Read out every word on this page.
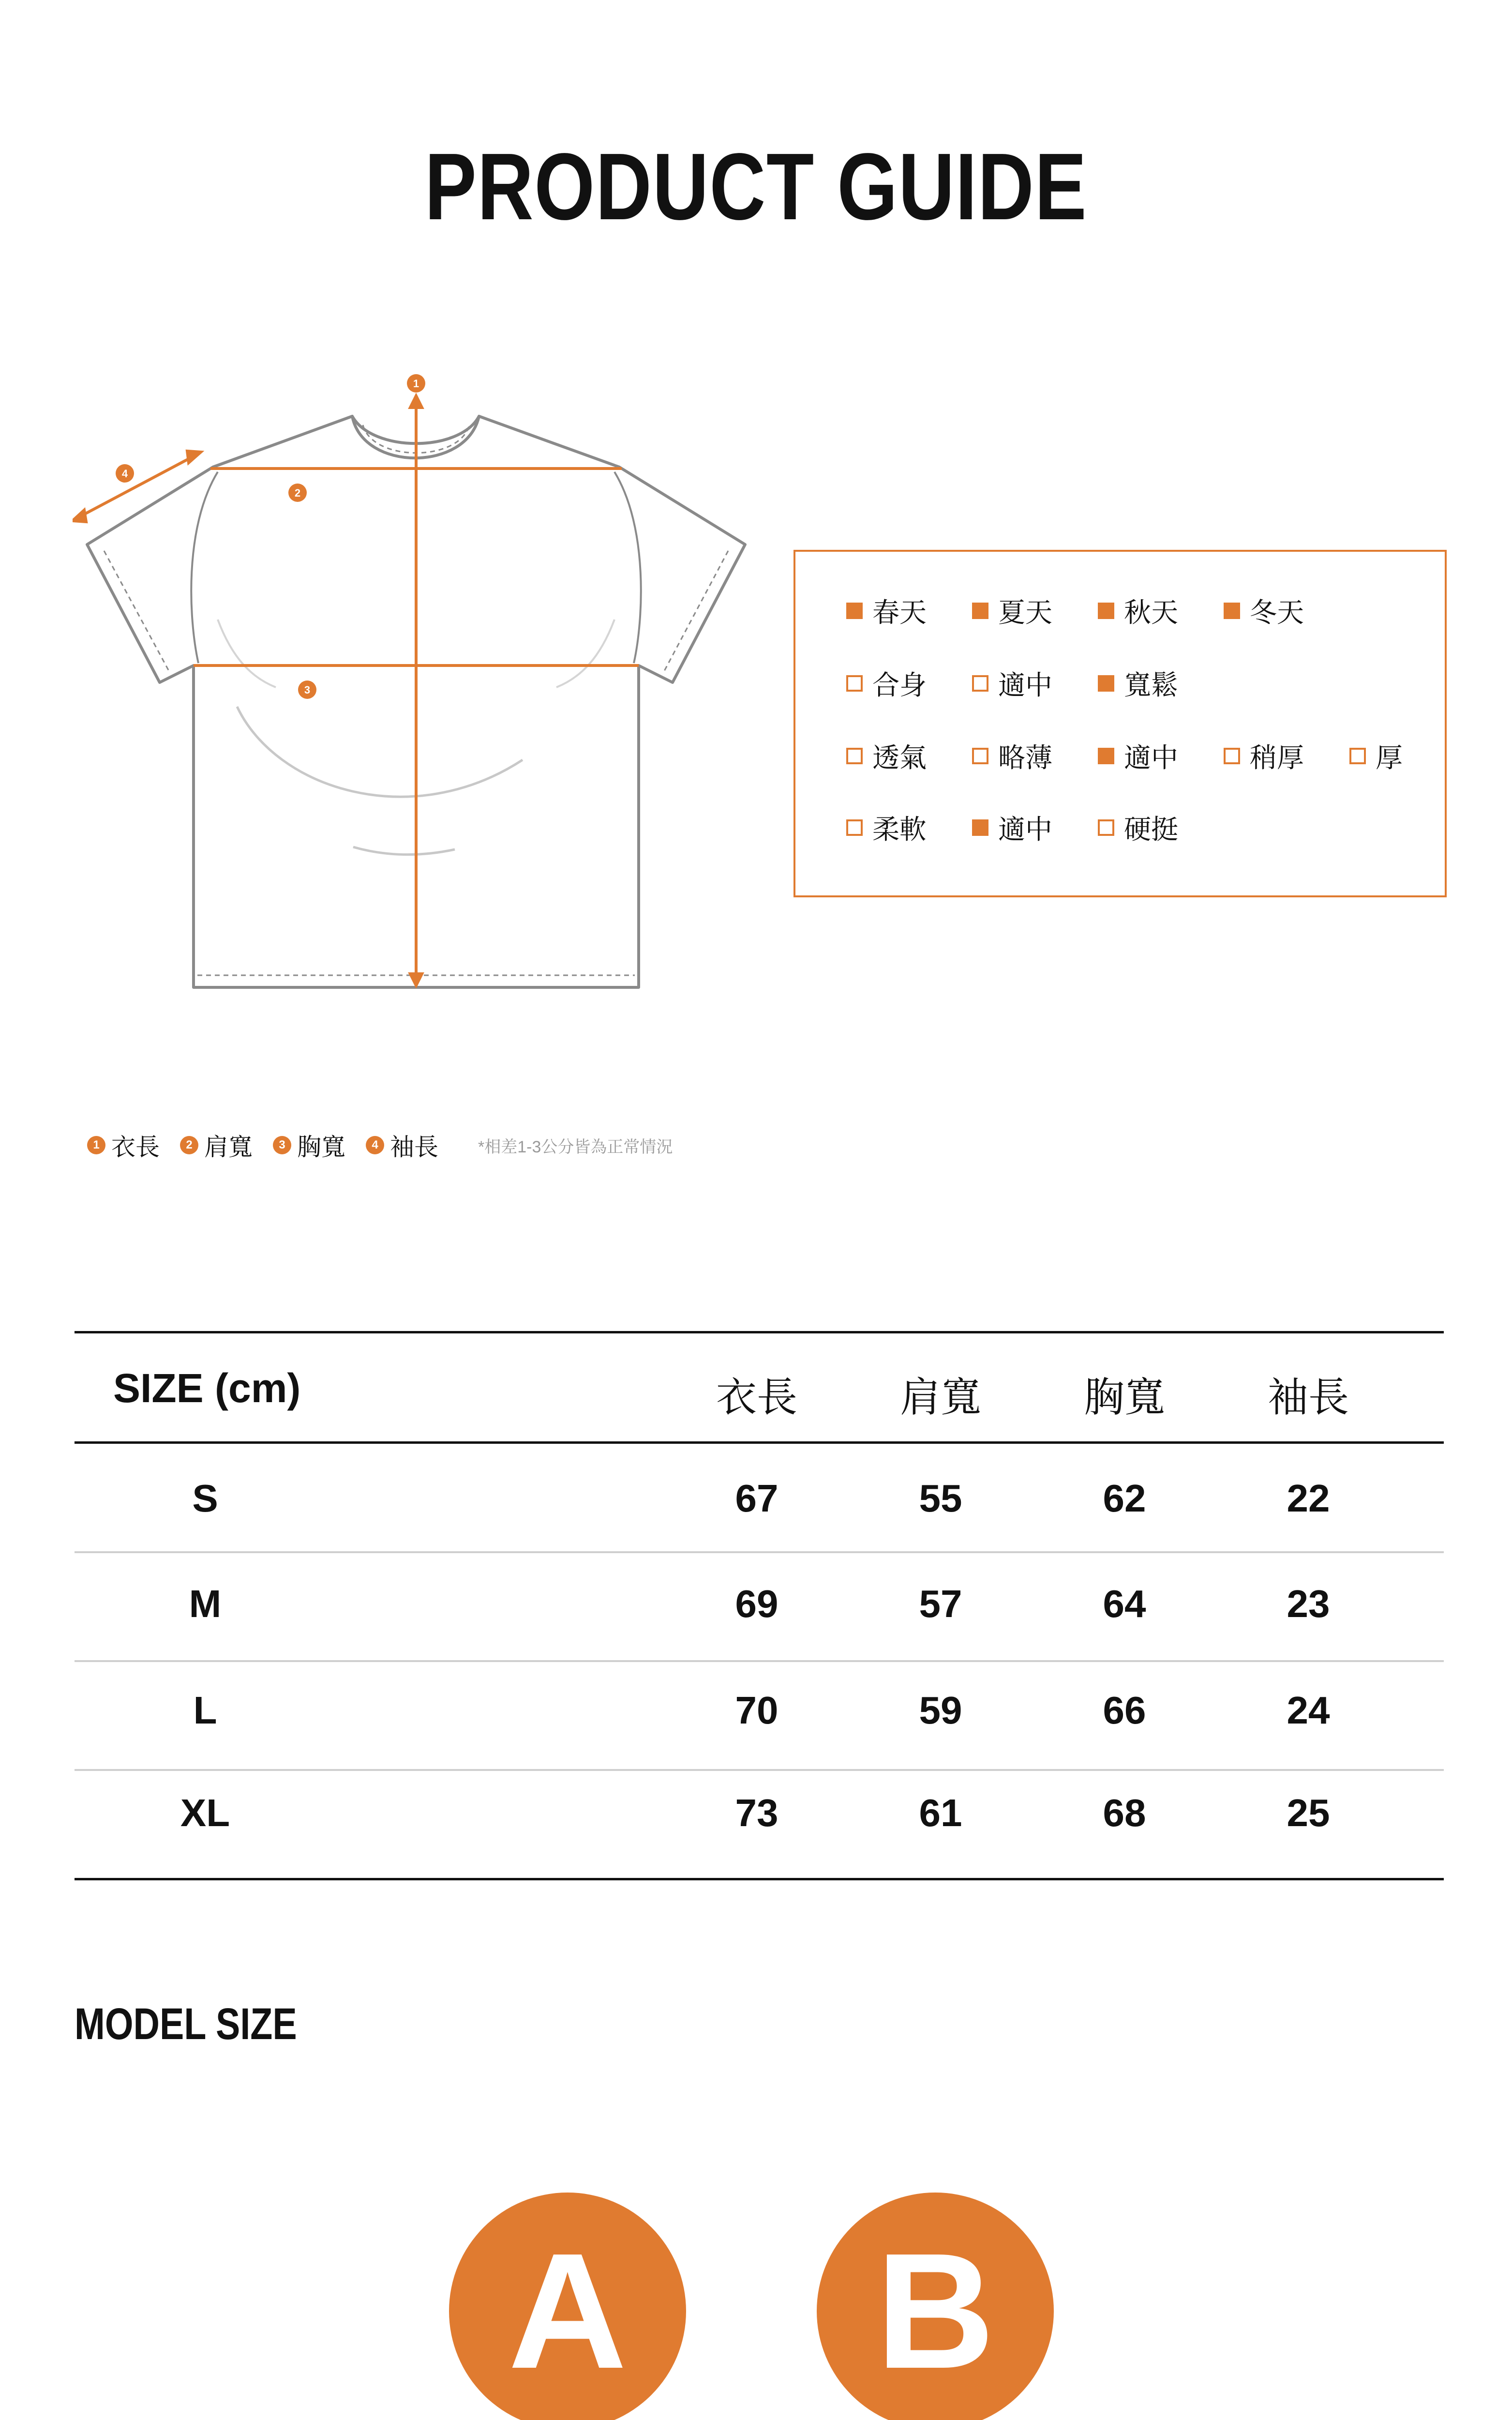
PRODUCT GUIDE
1
2
3
4
春天	夏天	秋天	冬天
合身	適中	寬鬆
透氣	略薄	適中	稍厚	厚
柔軟	適中	硬挺
1 衣長	2 肩寬	3 胸寬	4 袖長 *相差1-3公分皆為正常情況
SIZE (cm)	衣長	肩寬	胸寬	袖長
S	67	55	62	22
M	69	57	64	23
L	70	59	66	24
XL	73	61	68	25
MODEL SIZE
A	B
